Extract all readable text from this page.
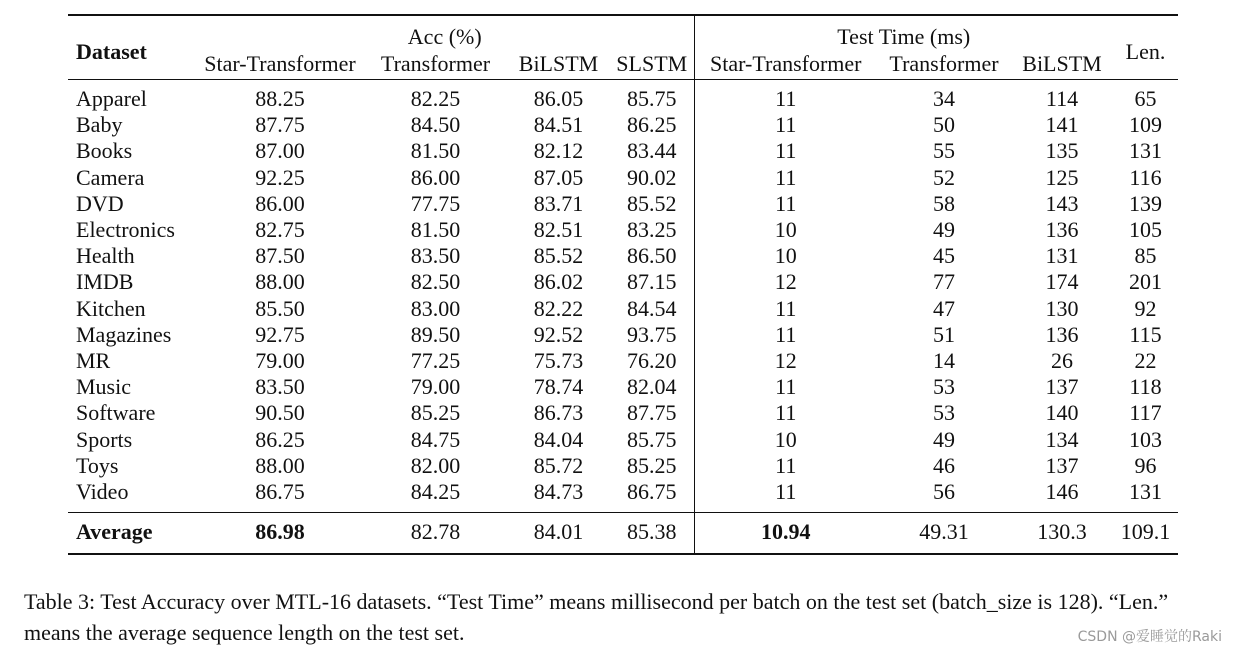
Dataset	Acc (%)				Test Time (ms)			Len.
	Star-Transformer	Transformer	BiLSTM	SLSTM	Star-Transformer	Transformer	BiLSTM	
Apparel	88.25	82.25	86.05	85.75	11	34	114	65
Baby	87.75	84.50	84.51	86.25	11	50	141	109
Books	87.00	81.50	82.12	83.44	11	55	135	131
Camera	92.25	86.00	87.05	90.02	11	52	125	116
DVD	86.00	77.75	83.71	85.52	11	58	143	139
Electronics	82.75	81.50	82.51	83.25	10	49	136	105
Health	87.50	83.50	85.52	86.50	10	45	131	85
IMDB	88.00	82.50	86.02	87.15	12	77	174	201
Kitchen	85.50	83.00	82.22	84.54	11	47	130	92
Magazines	92.75	89.50	92.52	93.75	11	51	136	115
MR	79.00	77.25	75.73	76.20	12	14	26	22
Music	83.50	79.00	78.74	82.04	11	53	137	118
Software	90.50	85.25	86.73	87.75	11	53	140	117
Sports	86.25	84.75	84.04	85.75	10	49	134	103
Toys	88.00	82.00	85.72	85.25	11	46	137	96
Video	86.75	84.25	84.73	86.75	11	56	146	131
Average	86.98	82.78	84.01	85.38	10.94	49.31	130.3	109.1

Table 3: Test Accuracy over MTL-16 datasets. “Test Time” means millisecond per batch on the test set (batch_size is 128). “Len.” means the average sequence length on the test set.	CSDN @爱睡觉的Raki
